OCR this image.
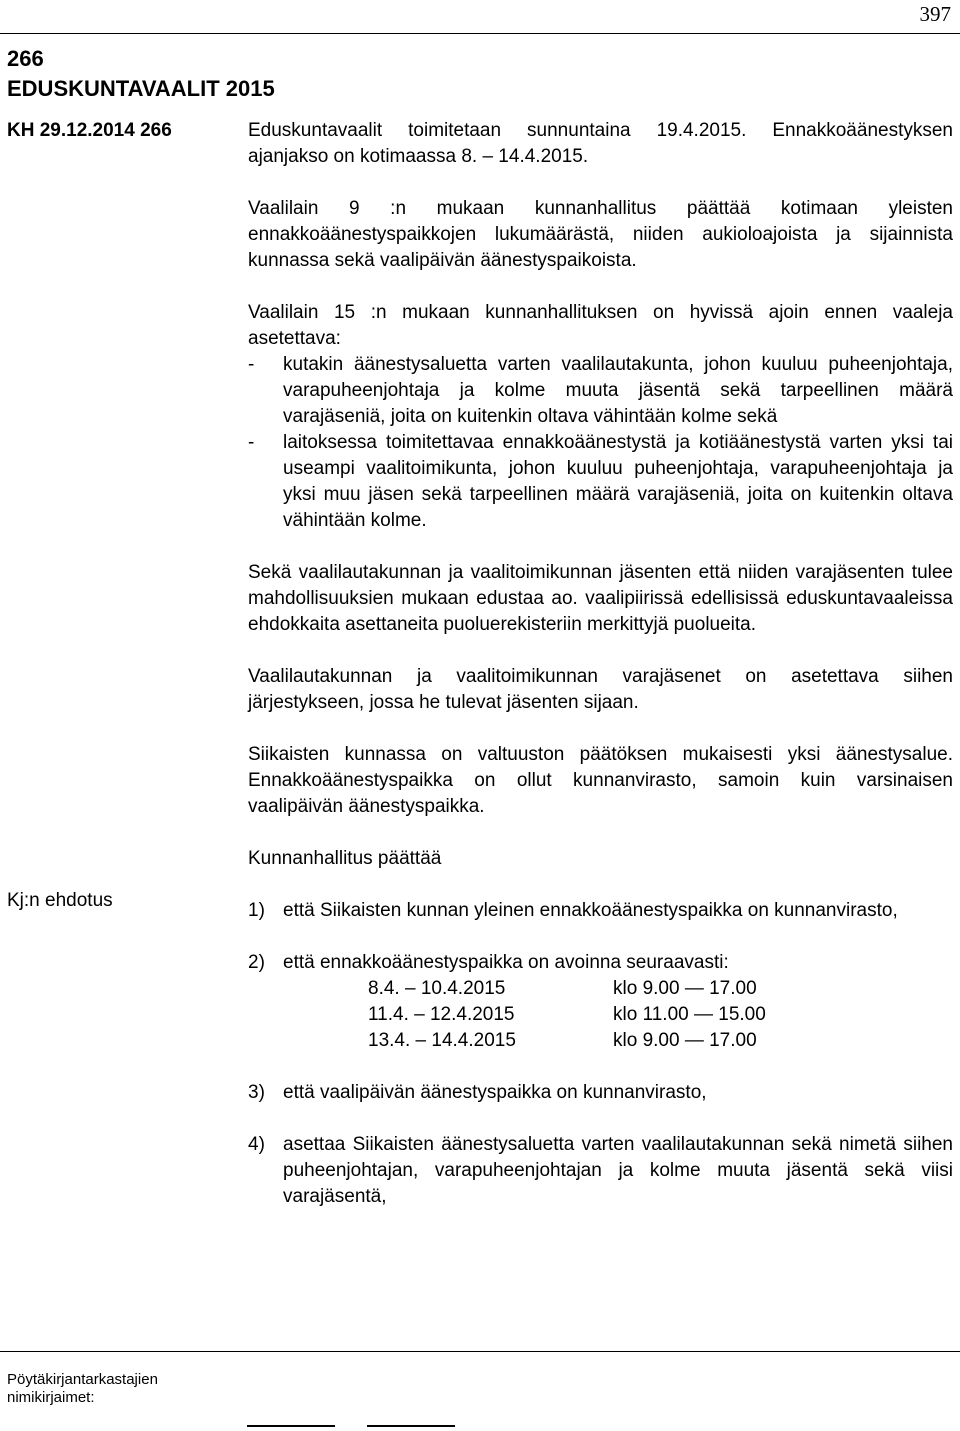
397
266
EDUSKUNTAVAALIT 2015
KH 29.12.2014 266
Kj:n ehdotus

Eduskuntavaalit toimitetaan sunnuntaina 19.4.2015. Ennakkoäänestyksen ajanjakso on kotimaassa 8. – 14.4.2015.

Vaalilain 9 :n mukaan kunnanhallitus päättää kotimaan yleisten ennakkoäänestyspaikkojen lukumäärästä, niiden aukioloajoista ja sijainnista kunnassa sekä vaalipäivän äänestyspaikoista.

Vaalilain 15 :n mukaan kunnanhallituksen on hyvissä ajoin ennen vaaleja asetettava:

- kutakin äänestysaluetta varten vaalilautakunta, johon kuuluu puheenjohtaja, varapuheenjohtaja ja kolme muuta jäsentä sekä tarpeellinen määrä varajäseniä, joita on kuitenkin oltava vähintään kolme sekä
- laitoksessa toimitettavaa ennakkoäänestystä ja kotiäänestystä varten yksi tai useampi vaalitoimikunta, johon kuuluu puheenjohtaja, varapuheenjohtaja ja yksi muu jäsen sekä tarpeellinen määrä varajäseniä, joita on kuitenkin oltava vähintään kolme.

Sekä vaalilautakunnan ja vaalitoimikunnan jäsenten että niiden varajäsenten tulee mahdollisuuksien mukaan edustaa ao. vaalipiirissä edellisissä eduskuntavaaleissa ehdokkaita asettaneita puoluerekisteriin merkittyjä puolueita.

Vaalilautakunnan ja vaalitoimikunnan varajäsenet on asetettava siihen järjestykseen, jossa he tulevat jäsenten sijaan.

Siikaisten kunnassa on valtuuston päätöksen mukaisesti yksi äänestysalue. Ennakkoäänestyspaikka on ollut kunnanvirasto, samoin kuin varsinaisen vaalipäivän äänestyspaikka.

Kunnanhallitus päättää

1) että Siikaisten kunnan yleinen ennakkoäänestyspaikka on kunnanvirasto,
2) että ennakkoäänestyspaikka on avoinna seuraavasti:
8.4. – 10.4.2015	klo 9.00 — 17.00
11.4. – 12.4.2015	klo 11.00 — 15.00
13.4. – 14.4.2015	klo 9.00 — 17.00
3) että vaalipäivän äänestyspaikka on kunnanvirasto,
4) asettaa Siikaisten äänestysaluetta varten vaalilautakunnan sekä nimetä siihen puheenjohtajan, varapuheenjohtajan ja kolme muuta jäsentä sekä viisi varajäsentä,
Pöytäkirjantarkastajien
nimikirjaimet:
